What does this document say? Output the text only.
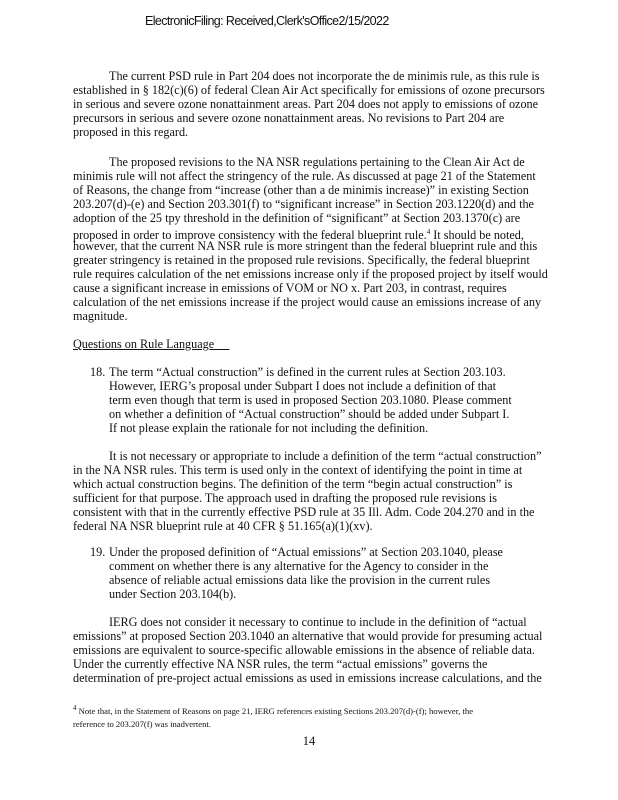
ElectronicFiling: Received,Clerk'sOffice2/15/2022
The current PSD rule in Part 204 does not incorporate the de minimis rule, as this rule is
established in § 182(c)(6) of federal Clean Air Act specifically for emissions of ozone precursors
in serious and severe ozone nonattainment areas. Part 204 does not apply to emissions of ozone
precursors in serious and severe ozone nonattainment areas. No revisions to Part 204 are
proposed in this regard.
The proposed revisions to the NA NSR regulations pertaining to the Clean Air Act de
minimis rule will not affect the stringency of the rule. As discussed at page 21 of the Statement
of Reasons, the change from “increase (other than a de minimis increase)” in existing Section
203.207(d)-(e) and Section 203.301(f) to “significant increase” in Section 203.1220(d) and the
adoption of the 25 tpy threshold in the definition of “significant” at Section 203.1370(c) are
proposed in order to improve consistency with the federal blueprint rule.$^4$ It should be noted,
however, that the current NA NSR rule is more stringent than the federal blueprint rule and this
greater stringency is retained in the proposed rule revisions. Specifically, the federal blueprint
rule requires calculation of the net emissions increase only if the proposed project by itself would
cause a significant increase in emissions of VOM or NO x. Part 203, in contrast, requires
calculation of the net emissions increase if the project would cause an emissions increase of any
magnitude.
Questions on Rule Language
18. The term “Actual construction” is defined in the current rules at Section 203.103.
However, IERG’s proposal under Subpart I does not include a definition of that
term even though that term is used in proposed Section 203.1080. Please comment
on whether a definition of “Actual construction” should be added under Subpart I.
If not please explain the rationale for not including the definition.
It is not necessary or appropriate to include a definition of the term “actual construction”
in the NA NSR rules. This term is used only in the context of identifying the point in time at
which actual construction begins. The definition of the term “begin actual construction” is
sufficient for that purpose. The approach used in drafting the proposed rule revisions is
consistent with that in the currently effective PSD rule at 35 Ill. Adm. Code 204.270 and in the
federal NA NSR blueprint rule at 40 CFR § 51.165(a)(1)(xv).
19. Under the proposed definition of “Actual emissions” at Section 203.1040, please
comment on whether there is any alternative for the Agency to consider in the
absence of reliable actual emissions data like the provision in the current rules
under Section 203.104(b).
IERG does not consider it necessary to continue to include in the definition of “actual
emissions” at proposed Section 203.1040 an alternative that would provide for presuming actual
emissions are equivalent to source-specific allowable emissions in the absence of reliable data.
Under the currently effective NA NSR rules, the term “actual emissions” governs the
determination of pre-project actual emissions as used in emissions increase calculations, and the
$^4$ Note that, in the Statement of Reasons on page 21, IERG references existing Sections 203.207(d)-(f); however, the
reference to 203.207(f) was inadvertent.
14
